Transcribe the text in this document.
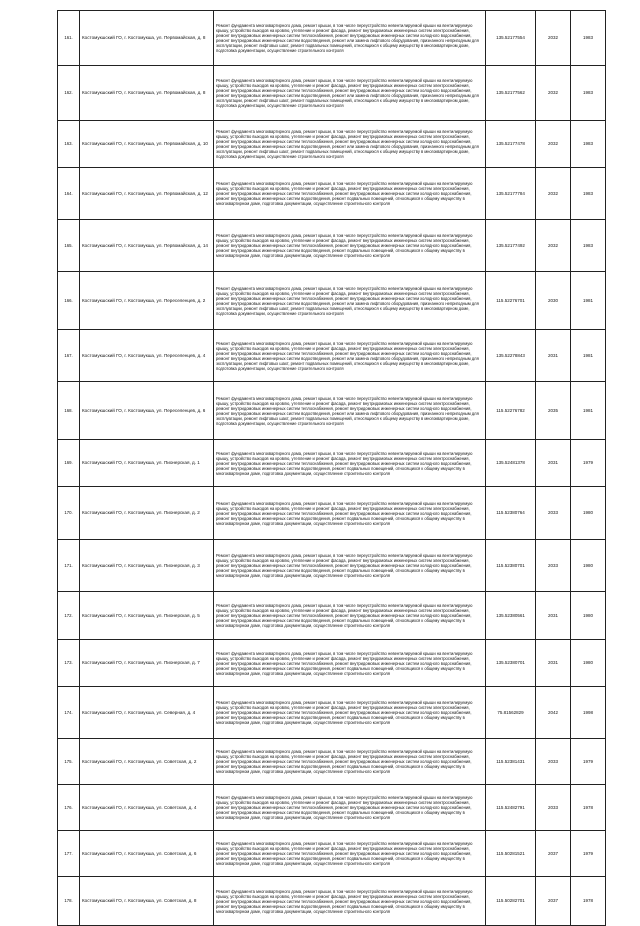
161.	Костомукшский ГО, г. Костомукша, ул. Первомайская, д. 8	Ремонт фундамента многоквартирного дома, ремонт крыши, в том числе переустройство невентилируемой крыши на вентилируемую крышу, устройство выходов на кровлю, утепление и ремонт фасада, ремонт внутридомовых инженерных систем электроснабжения, ремонт внутридомовых инженерных систем теплоснабжения, ремонт внутридомовых инженерных систем холодного водоснабжения, ремонт внутридомовых инженерных систем водоотведения, ремонт или замена лифтового оборудования, признанного непригодным для эксплуатации, ремонт лифтовых шахт, ремонт подвальных помещений, относящихся к общему имуществу в многоквартирном доме, подготовка документации, осуществление строительного контроля	135.52177554	2032	1983
162.	Костомукшский ГО, г. Костомукша, ул. Первомайская, д. 8	Ремонт фундамента многоквартирного дома, ремонт крыши, в том числе переустройство невентилируемой крыши на вентилируемую крышу, устройство выходов на кровлю, утепление и ремонт фасада, ремонт внутридомовых инженерных систем электроснабжения, ремонт внутридомовых инженерных систем теплоснабжения, ремонт внутридомовых инженерных систем холодного водоснабжения, ремонт внутридомовых инженерных систем водоотведения, ремонт или замена лифтового оборудования, признанного непригодным для эксплуатации, ремонт лифтовых шахт, ремонт подвальных помещений, относящихся к общему имуществу в многоквартирном доме, подготовка документации, осуществление строительного контроля	135.52177562	2032	1983
163.	Костомукшский ГО, г. Костомукша, ул. Первомайская, д. 10	Ремонт фундамента многоквартирного дома, ремонт крыши, в том числе переустройство невентилируемой крыши на вентилируемую крышу, устройство выходов на кровлю, утепление и ремонт фасада, ремонт внутридомовых инженерных систем электроснабжения, ремонт внутридомовых инженерных систем теплоснабжения, ремонт внутридомовых инженерных систем холодного водоснабжения, ремонт внутридомовых инженерных систем водоотведения, ремонт или замена лифтового оборудования, признанного непригодным для эксплуатации, ремонт лифтовых шахт, ремонт подвальных помещений, относящихся к общему имуществу в многоквартирном доме, подготовка документации, осуществление строительного контроля	135.52177478	2032	1983
164.	Костомукшский ГО, г. Костомукша, ул. Первомайская, д. 12	Ремонт фундамента многоквартирного дома, ремонт крыши, в том числе переустройство невентилируемой крыши на вентилируемую крышу, устройство выходов на кровлю, утепление и ремонт фасада, ремонт внутридомовых инженерных систем электроснабжения, ремонт внутридомовых инженерных систем теплоснабжения, ремонт внутридомовых инженерных систем холодного водоснабжения, ремонт внутридомовых инженерных систем водоотведения, ремонт подвальных помещений, относящихся к общему имуществу в многоквартирном доме, подготовка документации, осуществление строительного контроля	135.52177784	2032	1983
165.	Костомукшский ГО, г. Костомукша, ул. Первомайская, д. 14	Ремонт фундамента многоквартирного дома, ремонт крыши, в том числе переустройство невентилируемой крыши на вентилируемую крышу, устройство выходов на кровлю, утепление и ремонт фасада, ремонт внутридомовых инженерных систем электроснабжения, ремонт внутридомовых инженерных систем теплоснабжения, ремонт внутридомовых инженерных систем холодного водоснабжения, ремонт внутридомовых инженерных систем водоотведения, ремонт подвальных помещений, относящихся к общему имуществу в многоквартирном доме, подготовка документации, осуществление строительного контроля	135.52177492	2032	1983
166.	Костомукшский ГО, г. Костомукша, ул. Переселенцев, д. 2	Ремонт фундамента многоквартирного дома, ремонт крыши, в том числе переустройство невентилируемой крыши на вентилируемую крышу, устройство выходов на кровлю, утепление и ремонт фасада, ремонт внутридомовых инженерных систем электроснабжения, ремонт внутридомовых инженерных систем теплоснабжения, ремонт внутридомовых инженерных систем холодного водоснабжения, ремонт внутридомовых инженерных систем водоотведения, ремонт или замена лифтового оборудования, признанного непригодным для эксплуатации, ремонт лифтовых шахт, ремонт подвальных помещений, относящихся к общему имуществу в многоквартирном доме, подготовка документации, осуществление строительного контроля	115.52276701	2030	1981
167.	Костомукшский ГО, г. Костомукша, ул. Переселенцев, д. 4	Ремонт фундамента многоквартирного дома, ремонт крыши, в том числе переустройство невентилируемой крыши на вентилируемую крышу, устройство выходов на кровлю, утепление и ремонт фасада, ремонт внутридомовых инженерных систем электроснабжения, ремонт внутридомовых инженерных систем теплоснабжения, ремонт внутридомовых инженерных систем холодного водоснабжения, ремонт внутридомовых инженерных систем водоотведения, ремонт или замена лифтового оборудования, признанного непригодным для эксплуатации, ремонт лифтовых шахт, ремонт подвальных помещений, относящихся к общему имуществу в многоквартирном доме, подготовка документации, осуществление строительного контроля	135.52278843	2031	1981
168.	Костомукшский ГО, г. Костомукша, ул. Переселенцев, д. 6	Ремонт фундамента многоквартирного дома, ремонт крыши, в том числе переустройство невентилируемой крыши на вентилируемую крышу, устройство выходов на кровлю, утепление и ремонт фасада, ремонт внутридомовых инженерных систем электроснабжения, ремонт внутридомовых инженерных систем теплоснабжения, ремонт внутридомовых инженерных систем холодного водоснабжения, ремонт внутридомовых инженерных систем водоотведения, ремонт или замена лифтового оборудования, признанного непригодным для эксплуатации, ремонт лифтовых шахт, ремонт подвальных помещений, относящихся к общему имуществу в многоквартирном доме, подготовка документации, осуществление строительного контроля	115.52276782	2035	1981
169.	Костомукшский ГО, г. Костомукша, ул. Пионерская, д. 1	Ремонт фундамента многоквартирного дома, ремонт крыши, в том числе переустройство невентилируемой крыши на вентилируемую крышу, устройство выходов на кровлю, утепление и ремонт фасада, ремонт внутридомовых инженерных систем электроснабжения, ремонт внутридомовых инженерных систем теплоснабжения, ремонт внутридомовых инженерных систем холодного водоснабжения, ремонт внутридомовых инженерных систем водоотведения, ремонт подвальных помещений, относящихся к общему имуществу в многоквартирном доме, подготовка документации, осуществление строительного контроля	135.52481378	2031	1979
170.	Костомукшский ГО, г. Костомукша, ул. Пионерская, д. 2	Ремонт фундамента многоквартирного дома, ремонт крыши, в том числе переустройство невентилируемой крыши на вентилируемую крышу, устройство выходов на кровлю, утепление и ремонт фасада, ремонт внутридомовых инженерных систем электроснабжения, ремонт внутридомовых инженерных систем теплоснабжения, ремонт внутридомовых инженерных систем холодного водоснабжения, ремонт внутридомовых инженерных систем водоотведения, ремонт подвальных помещений, относящихся к общему имуществу в многоквартирном доме, подготовка документации, осуществление строительного контроля	115.52380764	2033	1980
171.	Костомукшский ГО, г. Костомукша, ул. Пионерская, д. 3	Ремонт фундамента многоквартирного дома, ремонт крыши, в том числе переустройство невентилируемой крыши на вентилируемую крышу, устройство выходов на кровлю, утепление и ремонт фасада, ремонт внутридомовых инженерных систем электроснабжения, ремонт внутридомовых инженерных систем теплоснабжения, ремонт внутридомовых инженерных систем холодного водоснабжения, ремонт внутридомовых инженерных систем водоотведения, ремонт подвальных помещений, относящихся к общему имуществу в многоквартирном доме, подготовка документации, осуществление строительного контроля	115.52380701	2033	1980
172.	Костомукшский ГО, г. Костомукша, ул. Пионерская, д. 5	Ремонт фундамента многоквартирного дома, ремонт крыши, в том числе переустройство невентилируемой крыши на вентилируемую крышу, устройство выходов на кровлю, утепление и ремонт фасада, ремонт внутридомовых инженерных систем электроснабжения, ремонт внутридомовых инженерных систем теплоснабжения, ремонт внутридомовых инженерных систем холодного водоснабжения, ремонт внутридомовых инженерных систем водоотведения, ремонт подвальных помещений, относящихся к общему имуществу в многоквартирном доме, подготовка документации, осуществление строительного контроля	135.52380561	2031	1980
173.	Костомукшский ГО, г. Костомукша, ул. Пионерская, д. 7	Ремонт фундамента многоквартирного дома, ремонт крыши, в том числе переустройство невентилируемой крыши на вентилируемую крышу, устройство выходов на кровлю, утепление и ремонт фасада, ремонт внутридомовых инженерных систем электроснабжения, ремонт внутридомовых инженерных систем теплоснабжения, ремонт внутридомовых инженерных систем холодного водоснабжения, ремонт внутридомовых инженерных систем водоотведения, ремонт подвальных помещений, относящихся к общему имуществу в многоквартирном доме, подготовка документации, осуществление строительного контроля	135.52380701	2031	1980
174.	Костомукшский ГО, г. Костомукша, ул. Северная, д. 4	Ремонт фундамента многоквартирного дома, ремонт крыши, в том числе переустройство невентилируемой крыши на вентилируемую крышу, устройство выходов на кровлю, утепление и ремонт фасада, ремонт внутридомовых инженерных систем электроснабжения, ремонт внутридомовых инженерных систем теплоснабжения, ремонт внутридомовых инженерных систем холодного водоснабжения, ремонт внутридомовых инженерных систем водоотведения, ремонт подвальных помещений, относящихся к общему имуществу в многоквартирном доме, подготовка документации, осуществление строительного контроля	75.81562829	2042	1998
175.	Костомукшский ГО, г. Костомукша, ул. Советская, д. 2	Ремонт фундамента многоквартирного дома, ремонт крыши, в том числе переустройство невентилируемой крыши на вентилируемую крышу, устройство выходов на кровлю, утепление и ремонт фасада, ремонт внутридомовых инженерных систем электроснабжения, ремонт внутридомовых инженерных систем теплоснабжения, ремонт внутридомовых инженерных систем холодного водоснабжения, ремонт внутридомовых инженерных систем водоотведения, ремонт подвальных помещений, относящихся к общему имуществу в многоквартирном доме, подготовка документации, осуществление строительного контроля	115.52381431	2033	1979
176.	Костомукшский ГО, г. Костомукша, ул. Советская, д. 4	Ремонт фундамента многоквартирного дома, ремонт крыши, в том числе переустройство невентилируемой крыши на вентилируемую крышу, устройство выходов на кровлю, утепление и ремонт фасада, ремонт внутридомовых инженерных систем электроснабжения, ремонт внутридомовых инженерных систем теплоснабжения, ремонт внутридомовых инженерных систем холодного водоснабжения, ремонт внутридомовых инженерных систем водоотведения, ремонт подвальных помещений, относящихся к общему имуществу в многоквартирном доме, подготовка документации, осуществление строительного контроля	115.52482791	2033	1978
177.	Костомукшский ГО, г. Костомукша, ул. Советская, д. 6	Ремонт фундамента многоквартирного дома, ремонт крыши, в том числе переустройство невентилируемой крыши на вентилируемую крышу, устройство выходов на кровлю, утепление и ремонт фасада, ремонт внутридомовых инженерных систем электроснабжения, ремонт внутридомовых инженерных систем теплоснабжения, ремонт внутридомовых инженерных систем холодного водоснабжения, ремонт внутридомовых инженерных систем водоотведения, ремонт подвальных помещений, относящихся к общему имуществу в многоквартирном доме, подготовка документации, осуществление строительного контроля	115.50281521	2037	1979
178.	Костомукшский ГО, г. Костомукша, ул. Советская, д. 8	Ремонт фундамента многоквартирного дома, ремонт крыши, в том числе переустройство невентилируемой крыши на вентилируемую крышу, устройство выходов на кровлю, утепление и ремонт фасада, ремонт внутридомовых инженерных систем электроснабжения, ремонт внутридомовых инженерных систем теплоснабжения, ремонт внутридомовых инженерных систем холодного водоснабжения, ремонт внутридомовых инженерных систем водоотведения, ремонт подвальных помещений, относящихся к общему имуществу в многоквартирном доме, подготовка документации, осуществление строительного контроля	115.50282701	2037	1978
